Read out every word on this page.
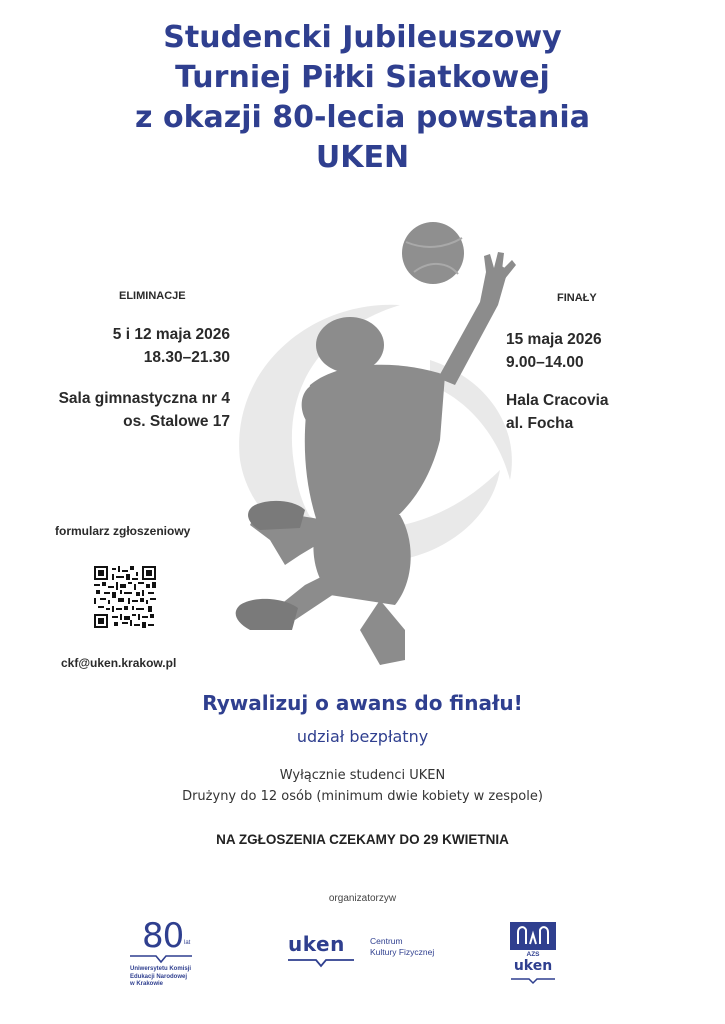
Studencki Jubileuszowy
Turniej Piłki Siatkowej
z okazji 80-lecia powstania
UKEN
ELIMINACJE
5 i 12 maja 2026
18.30–21.30
Sala gimnastyczna nr 4
os. Stalowe 17
FINAŁY
15 maja 2026
9.00–14.00
Hala Cracovia
al. Focha
formularz zgłoszeniowy
ckf@uken.krakow.pl
Rywalizuj o awans do finału!
udział bezpłatny
Wyłącznie studenci UKEN
Drużyny do 12 osób (minimum dwie kobiety w zespole)
NA ZGŁOSZENIA CZEKAMY DO 29 KWIETNIA
organizatorzyw
80 lat
Uniwersytetu Komisji
Edukacji Narodowej
w Krakowie
uken	Centrum
Kultury Fizycznej	AZS
uken
